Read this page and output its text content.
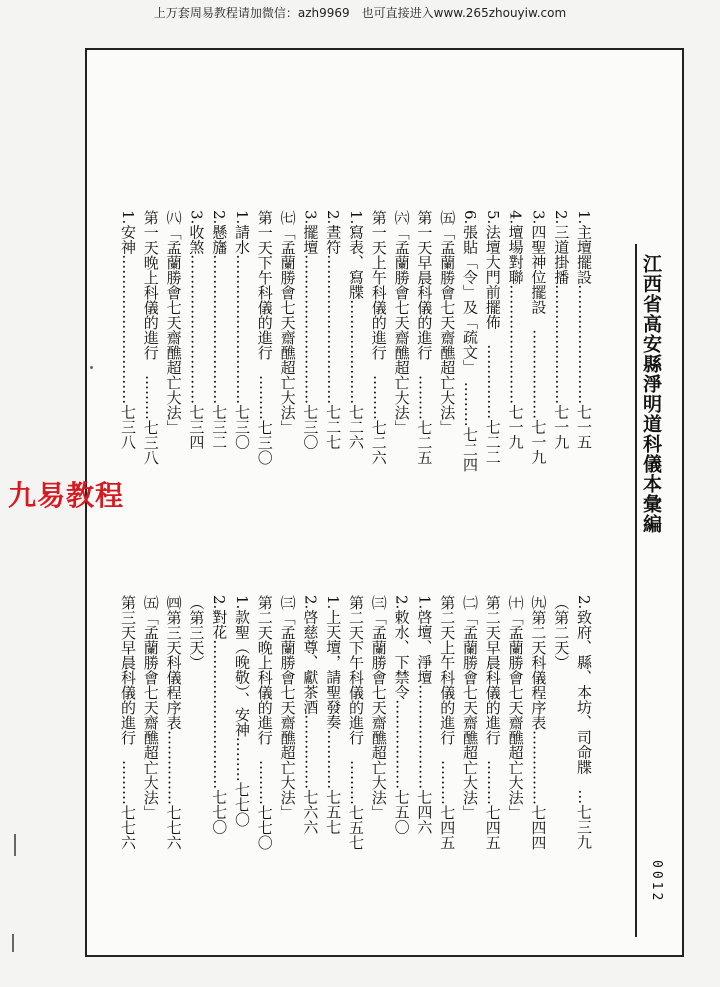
上万套周易教程请加微信：azh9969　也可直接进入www.265zhouyiw.com
江西省高安縣淨明道科儀本彙編
1.主壇擺設……………………七一五
2.三道掛播……………………七一九
3.四聖神位擺設　………………七一九
4.壇場對聯……………………七一九
5.法壇大門前擺佈　……………七二二
6.張貼「令」及「疏文」　………七二四
㈤「孟蘭勝會七天齋醮超亡大法」
第一天早晨科儀的進行　………七二五
㈥「孟蘭勝會七天齋醮超亡大法」
第一天上午科儀的進行　………七二六
1.寫表、寫牒…………………七二六
2.晝符…………………………七二七
3.擺壇…………………………七三〇
㈦「孟蘭勝會七天齋醮超亡大法」
第一天下午科儀的進行　………七三〇
1.請水…………………………七三〇
2.懸旛…………………………七三二
3.收煞…………………………七三四
㈧「孟蘭勝會七天齋醮超亡大法」
第一天晚上科儀的進行　………七三八
1.安神…………………………七三八
2.致府、縣、本坊、司命牒　…七三九
（第二天）
㈨第二天科儀程序表……………七四四
㈩「孟蘭勝會七天齋醮超亡大法」
第二天早晨科儀的進行　………七四五
㈡「孟蘭勝會七天齋醮超亡大法」
第二天上午科儀的進行　………七四五
1.啓壇、淨壇…………………七四六
2.敕水、下禁令………………七五〇
㈢「孟蘭勝會七天齋醮超亡大法」
第二天下午科儀的進行　………七五七
1.上天壇，請聖發奏…………七五七
2.啓慈尊、獻茶酒……………七六六
㈢「孟蘭勝會七天齋醮超亡大法」
第二天晚上科儀的進行　………七七〇
1.款聖（晚敬）、安神………七七〇
2.對花…………………………七七〇
（第三天）
㈣第三天科儀程序表……………七七六
㈤「孟蘭勝會七天齋醮超亡大法」
第三天早晨科儀的進行　………七七六
0012
九易教程
